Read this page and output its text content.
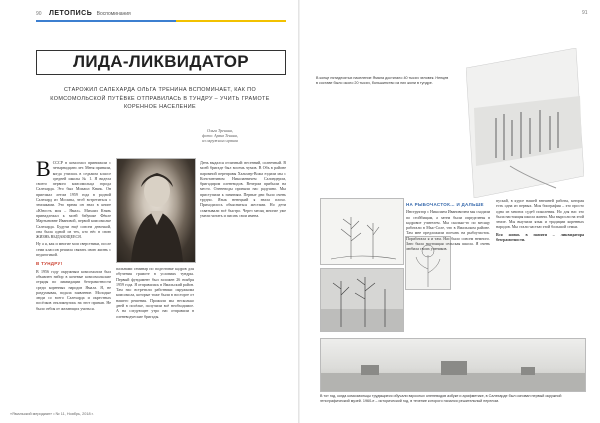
90 ЛЕТОПИСЬ Воспоминания
ЛИДА-ЛИКВИДАТОР
СТАРОЖИЛ САЛЕХАРДА ОЛЬГА ТРЕНИНА ВСПОМИНАЕТ, КАК ПО КОМСОМОЛЬСКОЙ ПУТЁВКЕ ОТПРАВИЛАСЬ В ТУНДРУ – УЧИТЬ ГРАМОТЕ КОРЕННОЕ НАСЕЛЕНИЕ
Ольга Тренина,
фото: Архив Тенина,
из окружного архива
В СССР в комсомол принимали с четырнадцати лет. Меня приняли, когда училась в седьмом классе средней школы № 1. Я видела своего первого комсомольца города Салехарда. Это был Михаил Князь. Он приезжал летом 1959 года в родной Салехард из Москвы, чтоб встретиться с земляками. Это время он знал в книге «Юность моя – Ямал». Михаил Князь принадлежал к моей бабушке Фёкле Мартыновне Ивановой, первой комсомолке Салехарда. Будучи ещё совсем девочкой, она была одной из тех, кто нёс в свою ЖИЗНЬ ВЫДАЮЩЕЕСЯ.

Ну а я, как и многие мои сверстники, после семи классов решила связать свою жизнь с педагогикой.

В ТУНДРУ!

В 1956 году окружным комсомолом был объявлен набор в кочевые комсомольские отряды по ликвидации безграмотности среди коренных народов Ямала. Я, не раздумывая, подала заявление. Молодые люди со всего Салехарда и окрестных посёлков откликнулись на этот призыв. Не было отбоя от желающих учиться.

пальнами семинар по подготовке кадров для обучения грамоте в условиях тундры. Первый фундамент был заложен 26 ноября 1959 года. Я отправилась в Ямальский район. Там нас встретили работники окружкома комсомола, которые тоже были в восторге от нашего решения. Прожили мы несколько дней в посёлке, получили всё необходимое. А на следующее утро нас отправили в оленеводческие бригады.
День выдался отличный: весенний, солнечный. В моей бригаде был восемь чумов. В Обь в районе паромной переправы Хальмер-Вожа ездили мы с Константином Николаевичем Салиндером, бригадиром оленеводов. Вечером прибыли на место. Оленеводы приняли нас радушно. Мы приступили к занятиям. Первые дни было очень трудно. Язык ненецкий я знала плохо. Приходилось объясняться жестами. Но дети схватывали всё быстро. Через месяц многие уже умели читать и писать свои имена.
«Ямальский меридиан» • № 11, Ноябрь, 2018 г.
91
В конце пятидесятых население Ямала достигало 40 тысяч человек. Ненцев в составе было около 20 тысяч, большинство из них жили в тундре.
НА РЫБОЧАСТОК… И ДАЛЬШЕ
Инструктор с Николаем Ивановичем мы сходили по стойбищам, а затем были определены в кадровое учителем. Мы сколько-то по месяцу работали в Мыс-Соле, что в Ямальском районе. Там мне предложили поехать на рыбоучасток. Поработала я и там. Нас было совсем немного. Зато была настоящая сельская школа. Я очень любила своих учеников.
пускай, в курсе нашей внешней работы, которая есть одна из первых. Моя биография – это просто одна из многих судеб поколения. Но для нас это была настоящая школа жизни. Мы выросли на этой земле. Мы выучили язык и традиции коренных народов. Мы стали частью этой большой семьи.

Вся жизнь в памяти – ликвидатора безграмотности.

В тот год, когда комсомольцы трудящиеся обучали взрослых оленеводов азбуке и арифметике, в Салехарде был основан первый окружной этнографический музей. 1960-е – исторический год, в течение которого начался решительный перелом.
